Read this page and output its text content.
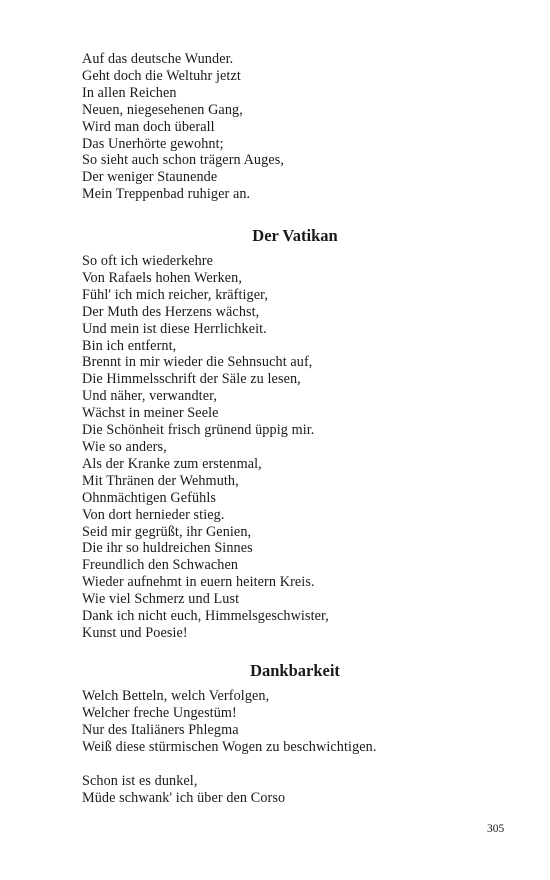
Auf das deutsche Wunder.
Geht doch die Weltuhr jetzt
In allen Reichen
Neuen, niegesehenen Gang,
Wird man doch überall
Das Unerhörte gewohnt;
So sieht auch schon trägern Auges,
Der weniger Staunende
Mein Treppenbad ruhiger an.
Der Vatikan
So oft ich wiederkehre
Von Rafaels hohen Werken,
Fühl' ich mich reicher, kräftiger,
Der Muth des Herzens wächst,
Und mein ist diese Herrlichkeit.
Bin ich entfernt,
Brennt in mir wieder die Sehnsucht auf,
Die Himmelsschrift der Säle zu lesen,
Und näher, verwandter,
Wächst in meiner Seele
Die Schönheit frisch grünend üppig mir.
Wie so anders,
Als der Kranke zum erstenmal,
Mit Thränen der Wehmuth,
Ohnmächtigen Gefühls
Von dort hernieder stieg.
Seid mir gegrüßt, ihr Genien,
Die ihr so huldreichen Sinnes
Freundlich den Schwachen
Wieder aufnehmt in euern heitern Kreis.
Wie viel Schmerz und Lust
Dank ich nicht euch, Himmelsgeschwister,
Kunst und Poesie!
Dankbarkeit
Welch Betteln, welch Verfolgen,
Welcher freche Ungestüm!
Nur des Italiäners Phlegma
Weiß diese stürmischen Wogen zu beschwichtigen.
Schon ist es dunkel,
Müde schwank' ich über den Corso
305
